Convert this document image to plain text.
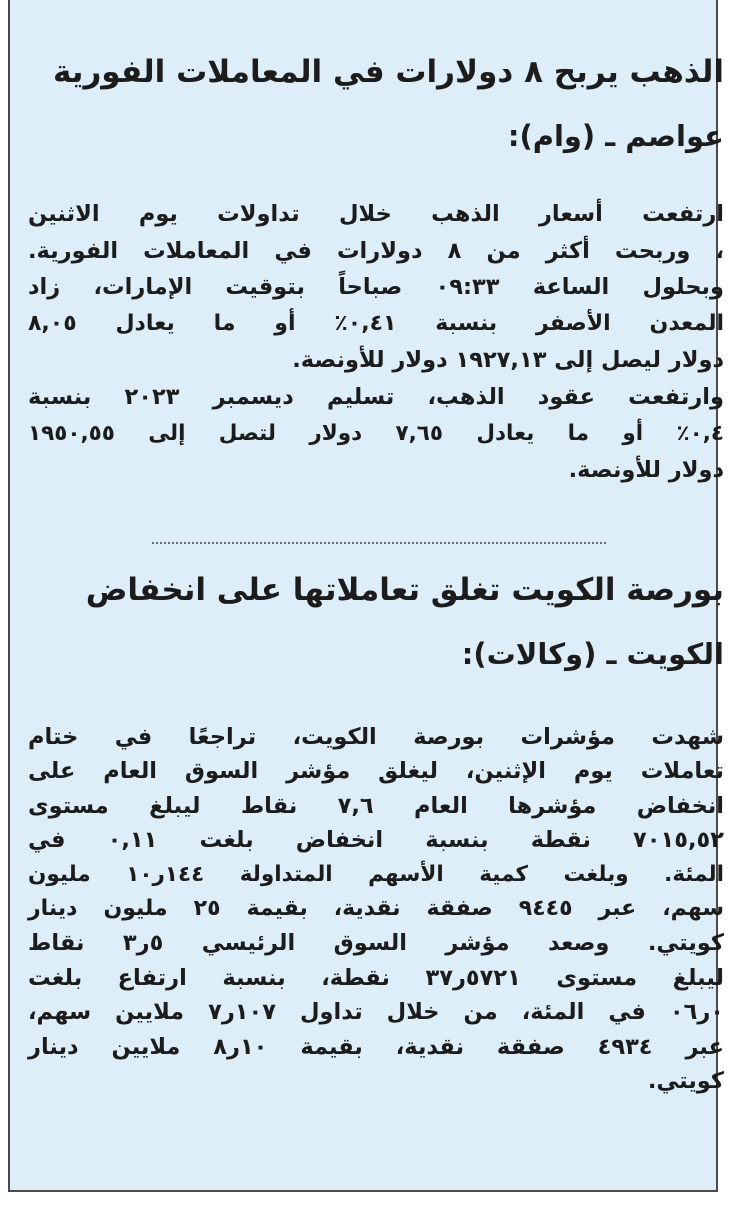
الذهب يربح ٨ دولارات في المعاملات الفورية
عواصم ـ (وام):

ارتفعت أسعار الذهب خلال تداولات يوم الاثنين
، وربحت أكثر من ٨ دولارات في المعاملات الفورية.
وبحلول الساعة ٠٩:٣٣ صباحاً بتوقيت الإمارات، زاد
المعدن الأصفر بنسبة ٠,٤١٪ أو ما يعادل ٨,٠٥
دولار ليصل إلى ١٩٢٧,١٣ دولار للأونصة.
وارتفعت عقود الذهب، تسليم ديسمبر ٢٠٢٣ بنسبة
٠,٤٪ أو ما يعادل ٧,٦٥ دولار لتصل إلى ١٩٥٠,٥٥
دولار للأونصة.

بورصة الكويت تغلق تعاملاتها على انخفاض
الكويت ـ (وكالات):

شهدت مؤشرات بورصة الكويت، تراجعًا في ختام
تعاملات يوم الإثنين، ليغلق مؤشر السوق العام على
انخفاض مؤشرها العام ٧,٦ نقاط ليبلغ مستوى
٧٠١٥,٥٢ نقطة بنسبة انخفاض بلغت ٠,١١ في
المئة. وبلغت كمية الأسهم المتداولة ١٤٤ر١٠ مليون
سهم، عبر ٩٤٤٥ صفقة نقدية، بقيمة ٢٥ مليون دينار
كويتي. وصعد مؤشر السوق الرئيسي ٥ر٣ نقاط
ليبلغ مستوى ٥٧٢١ر٣٧ نقطة، بنسبة ارتفاع بلغت
٠ر٠٦ في المئة، من خلال تداول ١٠٧ر٧ ملايين سهم،
عبر ٤٩٣٤ صفقة نقدية، بقيمة ١٠ر٨ ملايين دينار
كويتي.
